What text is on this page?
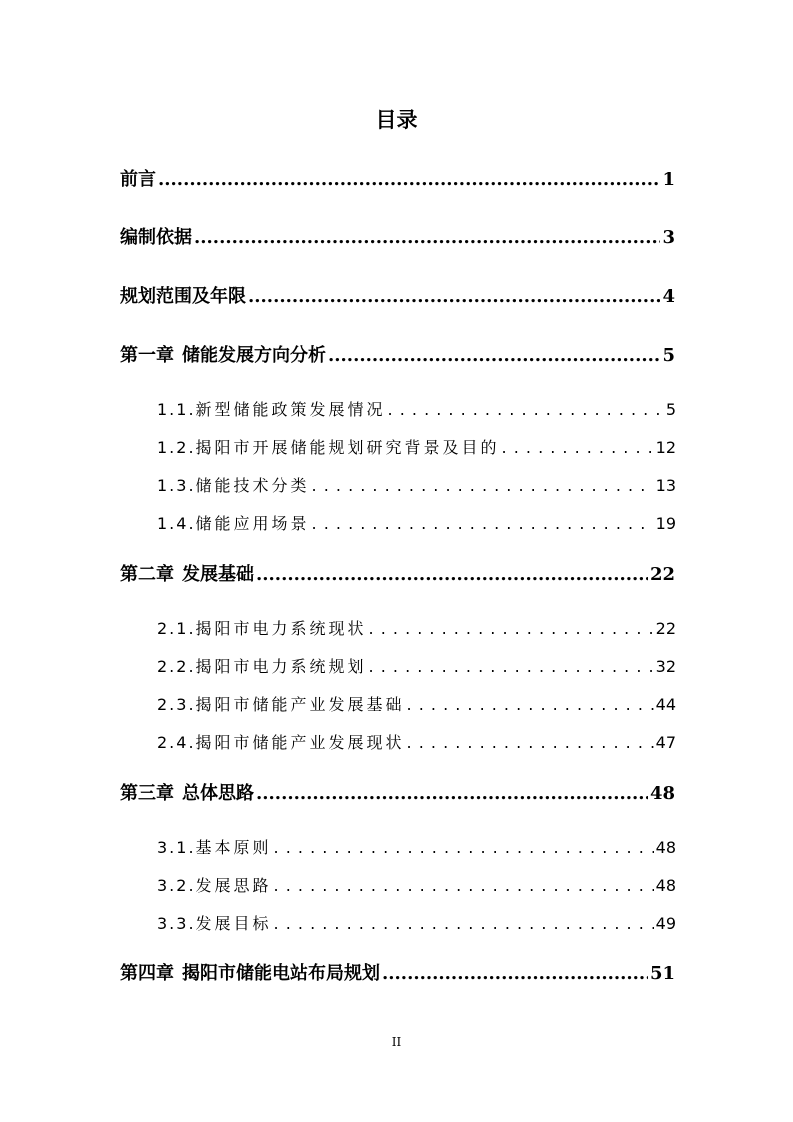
目录
前言 .....	1
编制依据 .....	3
规划范围及年限 .....	4
第一章 储能发展方向分析 .....	5
1.1. 新型储能政策发展情况 . . .	5
1.2. 揭阳市开展储能规划研究背景及目的 . . .	12
1.3. 储能技术分类 . . .	13
1.4. 储能应用场景 . . .	19
第二章 发展基础 .....	22
2.1. 揭阳市电力系统现状 . . .	22
2.2. 揭阳市电力系统规划 . . .	32
2.3. 揭阳市储能产业发展基础 . . .	44
2.4. 揭阳市储能产业发展现状 . . .	47
第三章 总体思路 .....	48
3.1. 基本原则 . . .	48
3.2. 发展思路 . . .	48
3.3. 发展目标 . . .	49
第四章 揭阳市储能电站布局规划 .....	51
II
